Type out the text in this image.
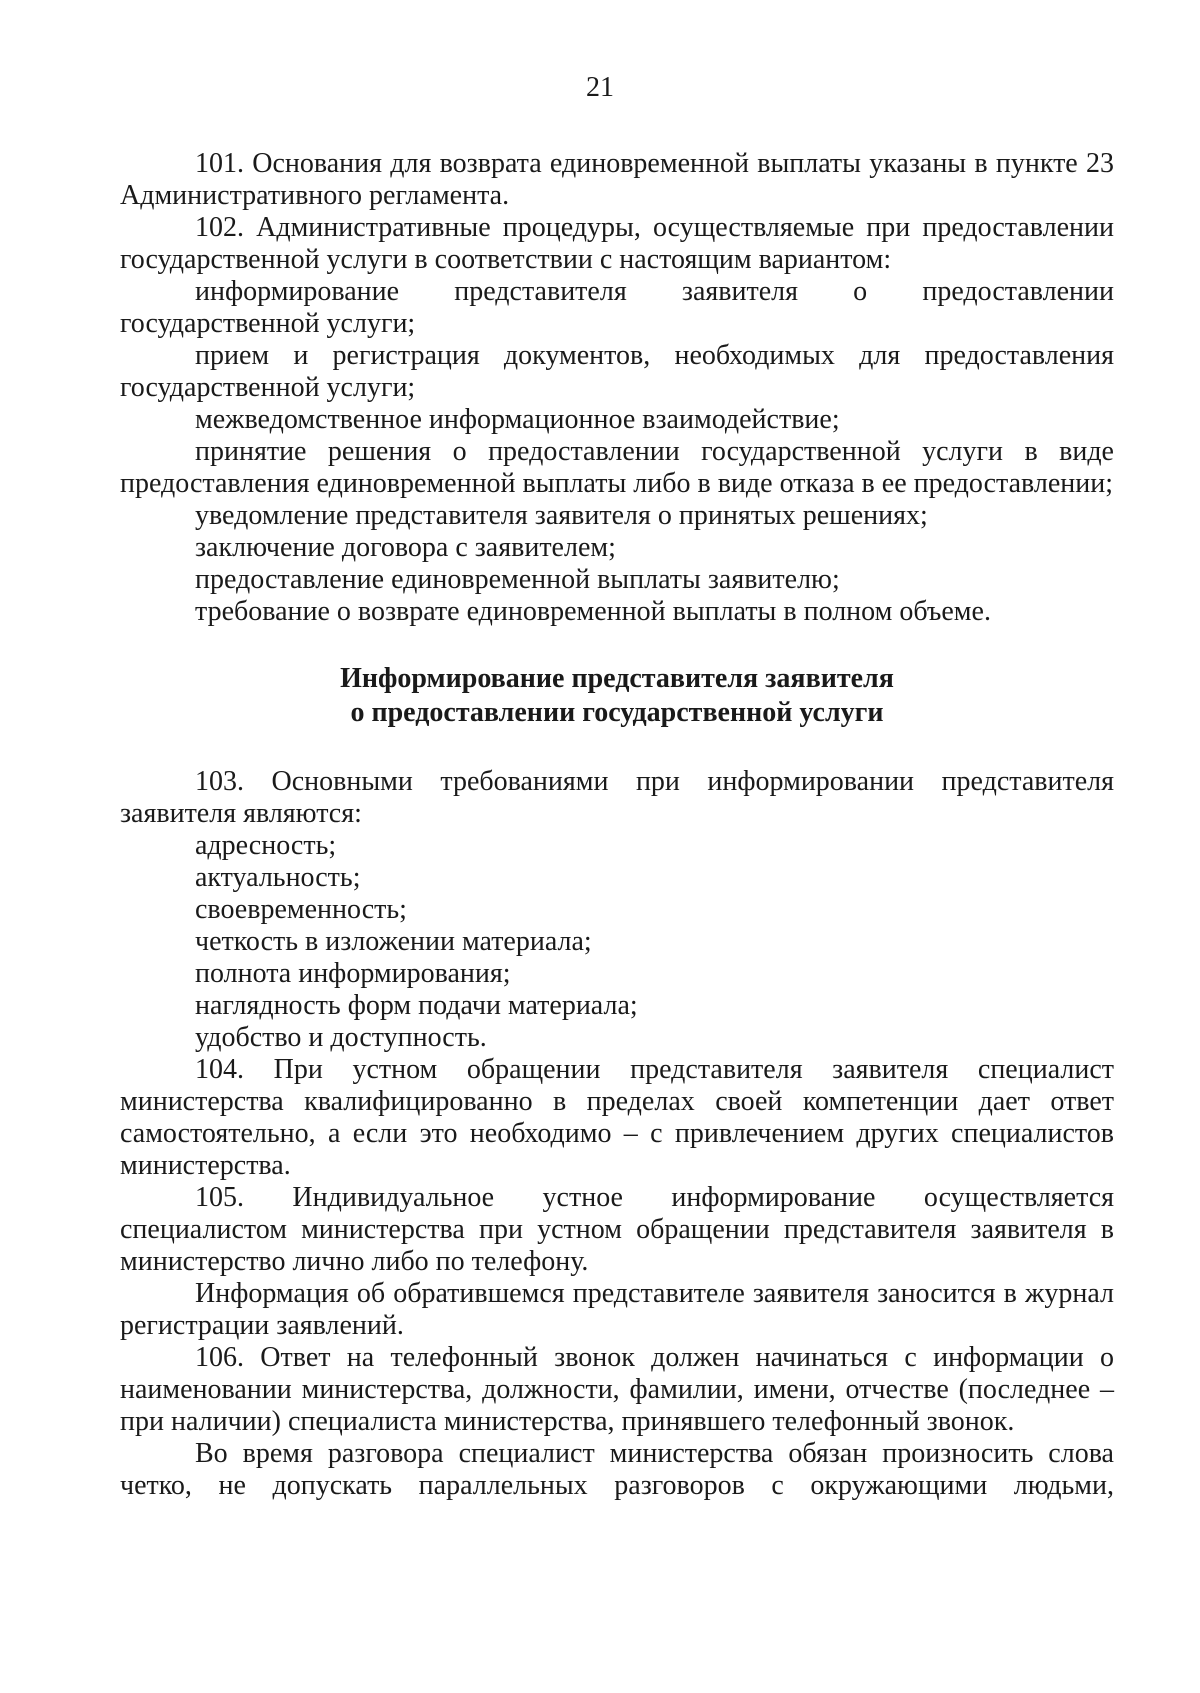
21

101. Основания для возврата единовременной выплаты указаны в пункте 23 Административного регламента.

102. Административные процедуры, осуществляемые при предоставлении государственной услуги в соответствии с настоящим вариантом:

информирование представителя заявителя о предоставлении государственной услуги;

прием и регистрация документов, необходимых для предоставления государственной услуги;

межведомственное информационное взаимодействие;

принятие решения о предоставлении государственной услуги в виде предоставления единовременной выплаты либо в виде отказа в ее предоставлении;

уведомление представителя заявителя о принятых решениях;

заключение договора с заявителем;

предоставление единовременной выплаты заявителю;

требование о возврате единовременной выплаты в полном объеме.

Информирование представителя заявителя

о предоставлении государственной услуги

103. Основными требованиями при информировании представителя заявителя являются:

адресность;

актуальность;

своевременность;

четкость в изложении материала;

полнота информирования;

наглядность форм подачи материала;

удобство и доступность.

104. При устном обращении представителя заявителя специалист министерства квалифицированно в пределах своей компетенции дает ответ самостоятельно, а если это необходимо – с привлечением других специалистов министерства.

105. Индивидуальное устное информирование осуществляется специалистом министерства при устном обращении представителя заявителя в министерство лично либо по телефону.

Информация об обратившемся представителе заявителя заносится в журнал регистрации заявлений.

106. Ответ на телефонный звонок должен начинаться с информации о наименовании министерства, должности, фамилии, имени, отчестве (последнее – при наличии) специалиста министерства, принявшего телефонный звонок.

Во время разговора специалист министерства обязан произносить слова четко, не допускать параллельных разговоров с окружающими людьми,
